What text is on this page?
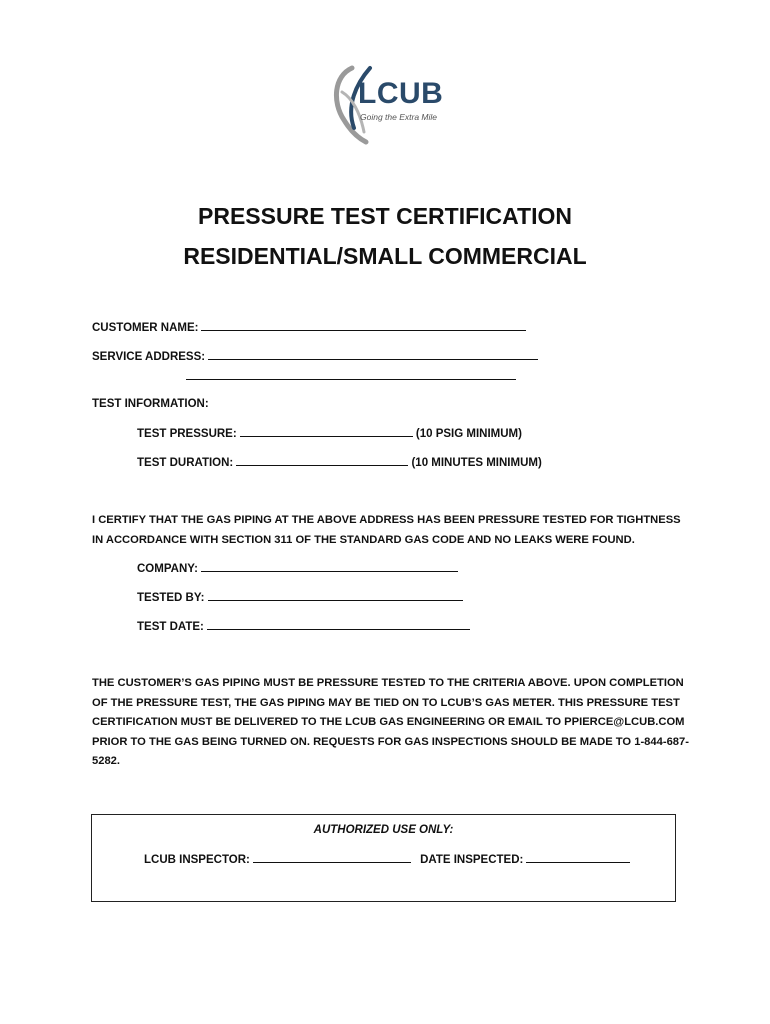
LCUB
Going the Extra Mile
PRESSURE TEST CERTIFICATION
RESIDENTIAL/SMALL COMMERCIAL
CUSTOMER NAME:
SERVICE ADDRESS:
TEST INFORMATION:
TEST PRESSURE:	(10 PSIG MINIMUM)
TEST DURATION:	(10 MINUTES MINIMUM)
I CERTIFY THAT THE GAS PIPING AT THE ABOVE ADDRESS HAS BEEN PRESSURE TESTED FOR TIGHTNESS IN ACCORDANCE WITH SECTION 311 OF THE STANDARD GAS CODE AND NO LEAKS WERE FOUND.
COMPANY:
TESTED BY:
TEST DATE:
THE CUSTOMER’S GAS PIPING MUST BE PRESSURE TESTED TO THE CRITERIA ABOVE. UPON COMPLETION OF THE PRESSURE TEST, THE GAS PIPING MAY BE TIED ON TO LCUB’S GAS METER. THIS PRESSURE TEST CERTIFICATION MUST BE DELIVERED TO THE LCUB GAS ENGINEERING OR EMAIL TO PPIERCE@LCUB.COM PRIOR TO THE GAS BEING TURNED ON. REQUESTS FOR GAS INSPECTIONS SHOULD BE MADE TO 1-844-687-5282.
AUTHORIZED USE ONLY:
LCUB INSPECTOR:	DATE INSPECTED:
